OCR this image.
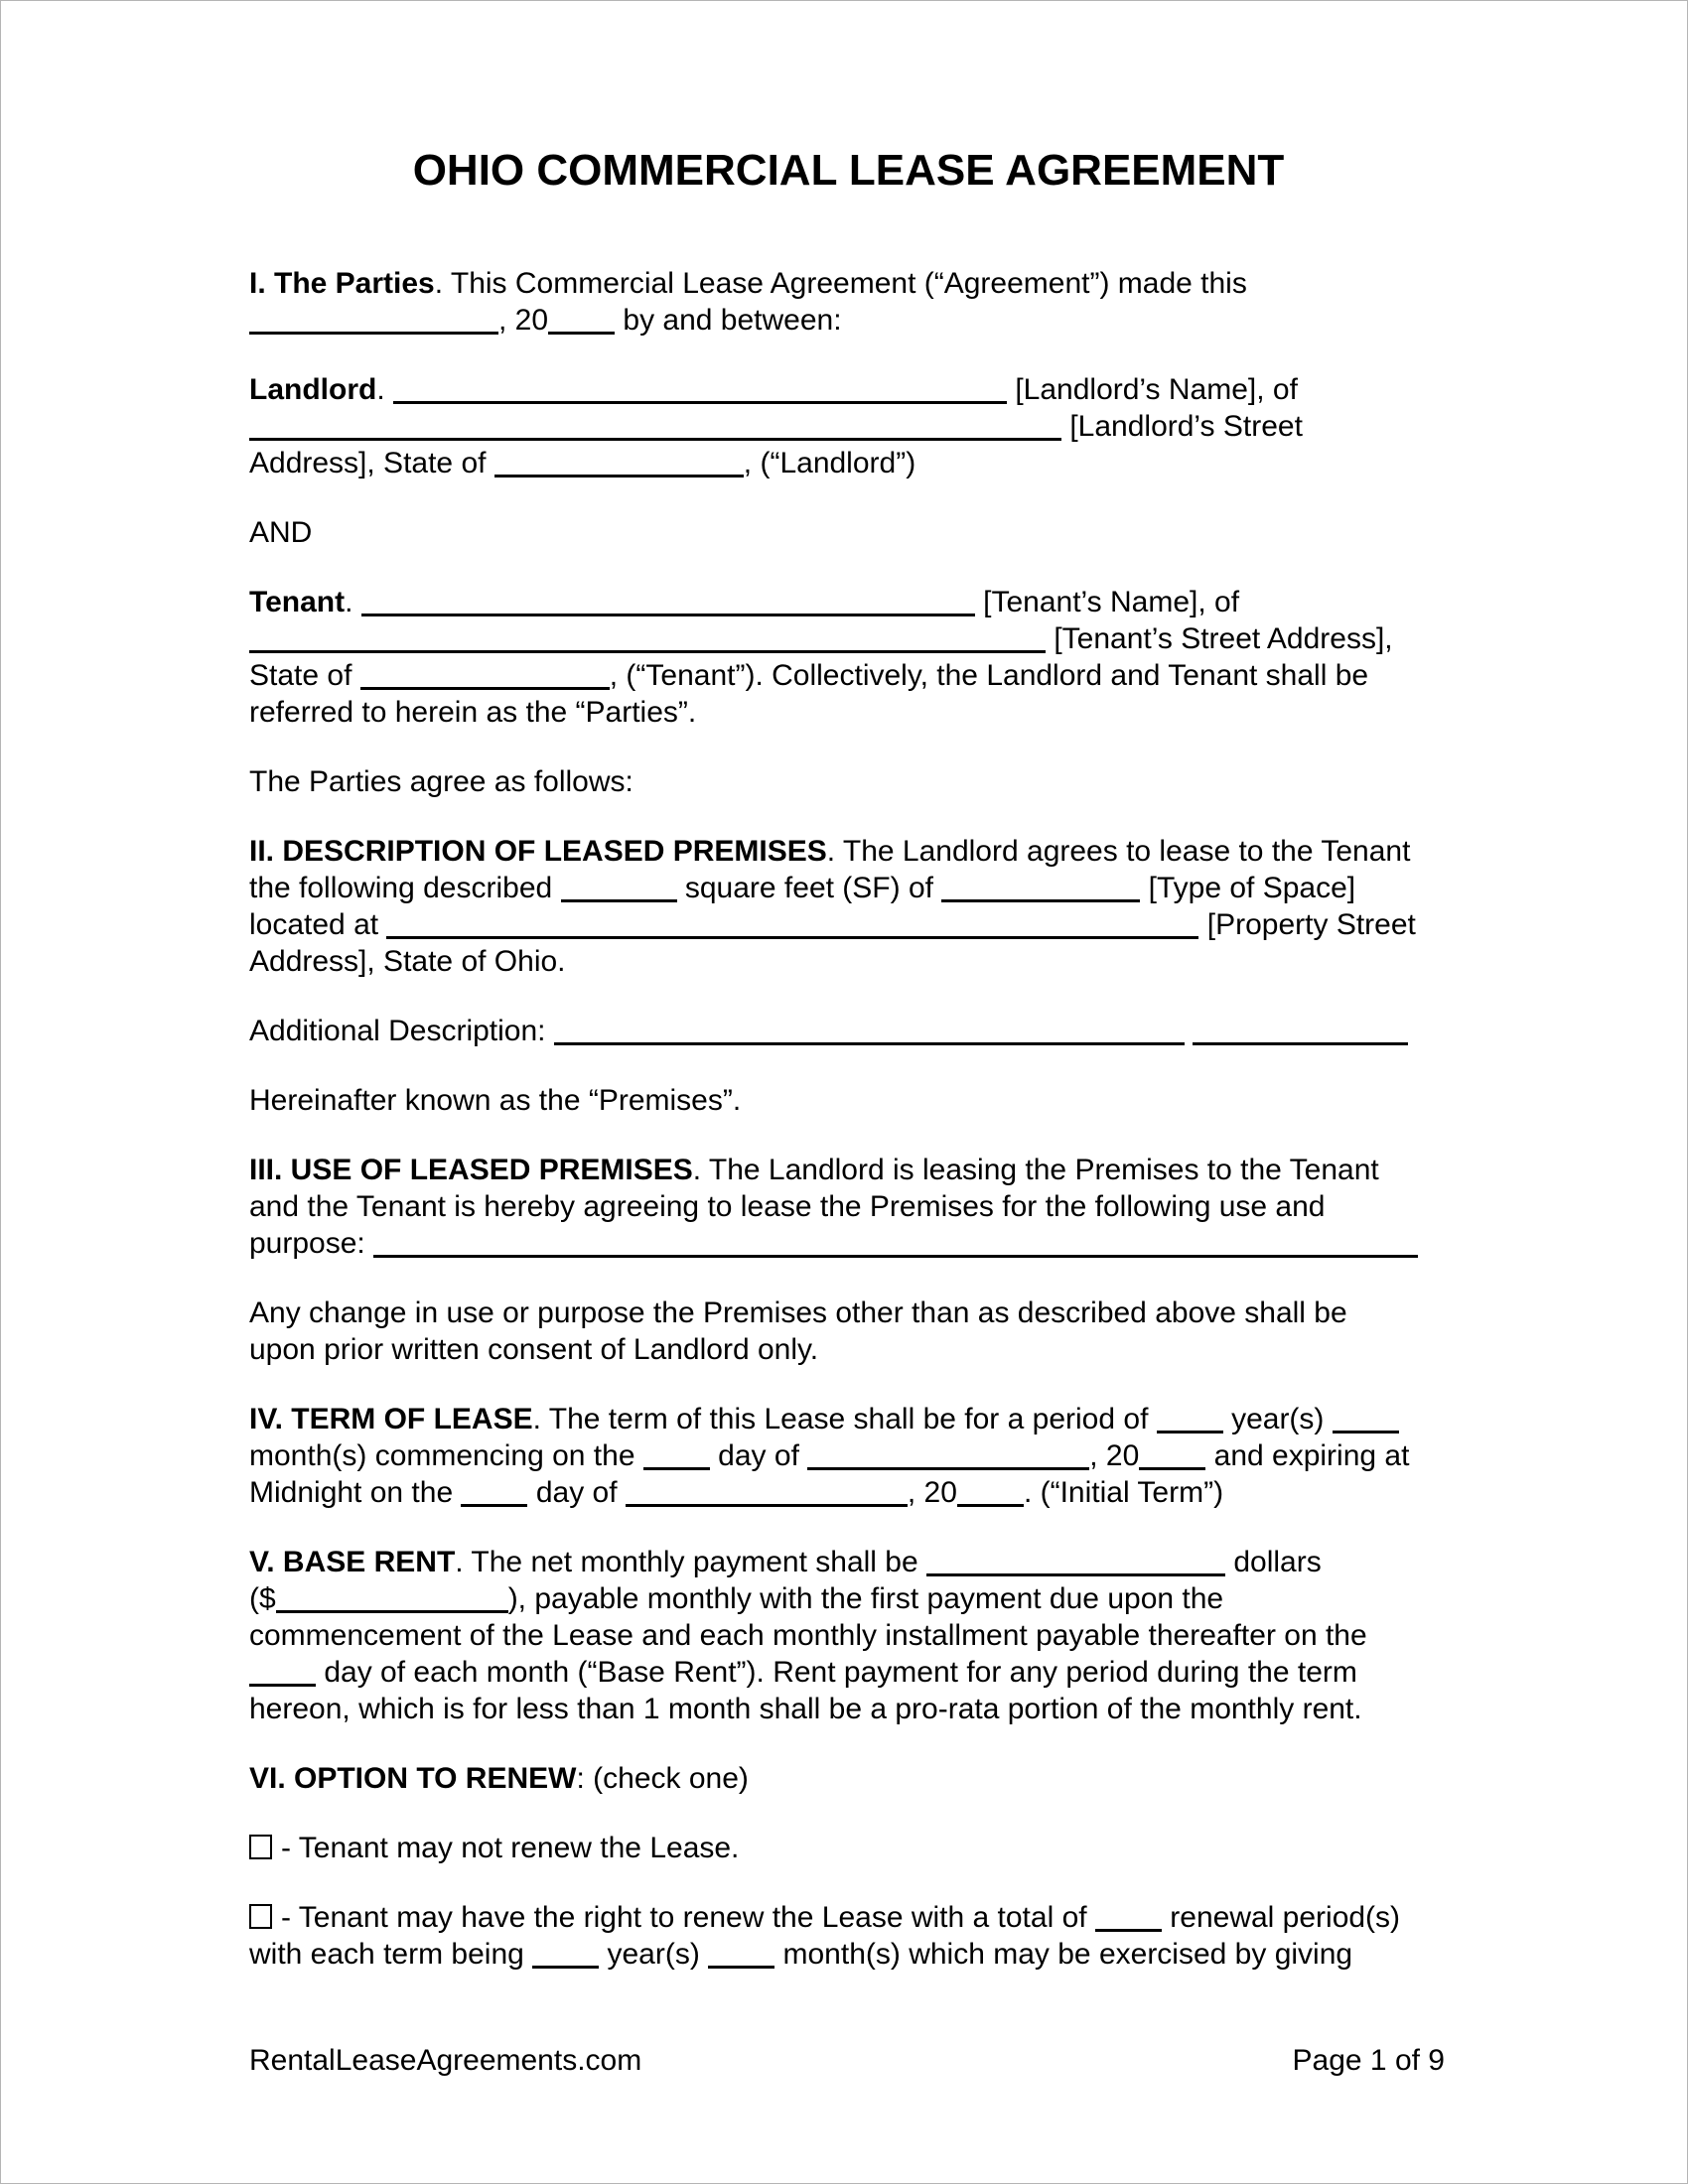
OHIO COMMERCIAL LEASE AGREEMENT
I. The Parties. This Commercial Lease Agreement (“Agreement”) made this
, 20 by and between:
Landlord.	[Landlord’s Name], of
[Landlord’s Street
Address], State of	, (“Landlord”)
AND
Tenant.	[Tenant’s Name], of
[Tenant’s Street Address],
State of	, (“Tenant”). Collectively, the Landlord and Tenant shall be
referred to herein as the “Parties”.
The Parties agree as follows:
II. DESCRIPTION OF LEASED PREMISES. The Landlord agrees to lease to the Tenant
the following described	square feet (SF) of	[Type of Space]
located at	[Property Street
Address], State of Ohio.
Additional Description:
Hereinafter known as the “Premises”.
III. USE OF LEASED PREMISES. The Landlord is leasing the Premises to the Tenant
and the Tenant is hereby agreeing to lease the Premises for the following use and
purpose:
Any change in use or purpose the Premises other than as described above shall be
upon prior written consent of Landlord only.
IV. TERM OF LEASE. The term of this Lease shall be for a period of  year(s)
month(s) commencing on the  day of	, 20 and expiring at
Midnight on the  day of	, 20 . (“Initial Term”)
V. BASE RENT. The net monthly payment shall be	dollars
($	), payable monthly with the first payment due upon the
commencement of the Lease and each monthly installment payable thereafter on the
day of each month (“Base Rent”). Rent payment for any period during the term
hereon, which is for less than 1 month shall be a pro-rata portion of the monthly rent.
VI. OPTION TO RENEW: (check one)
- Tenant may not renew the Lease.
- Tenant may have the right to renew the Lease with a total of  renewal period(s)
with each term being  year(s)  month(s) which may be exercised by giving
RentalLeaseAgreements.com	Page 1 of 9
